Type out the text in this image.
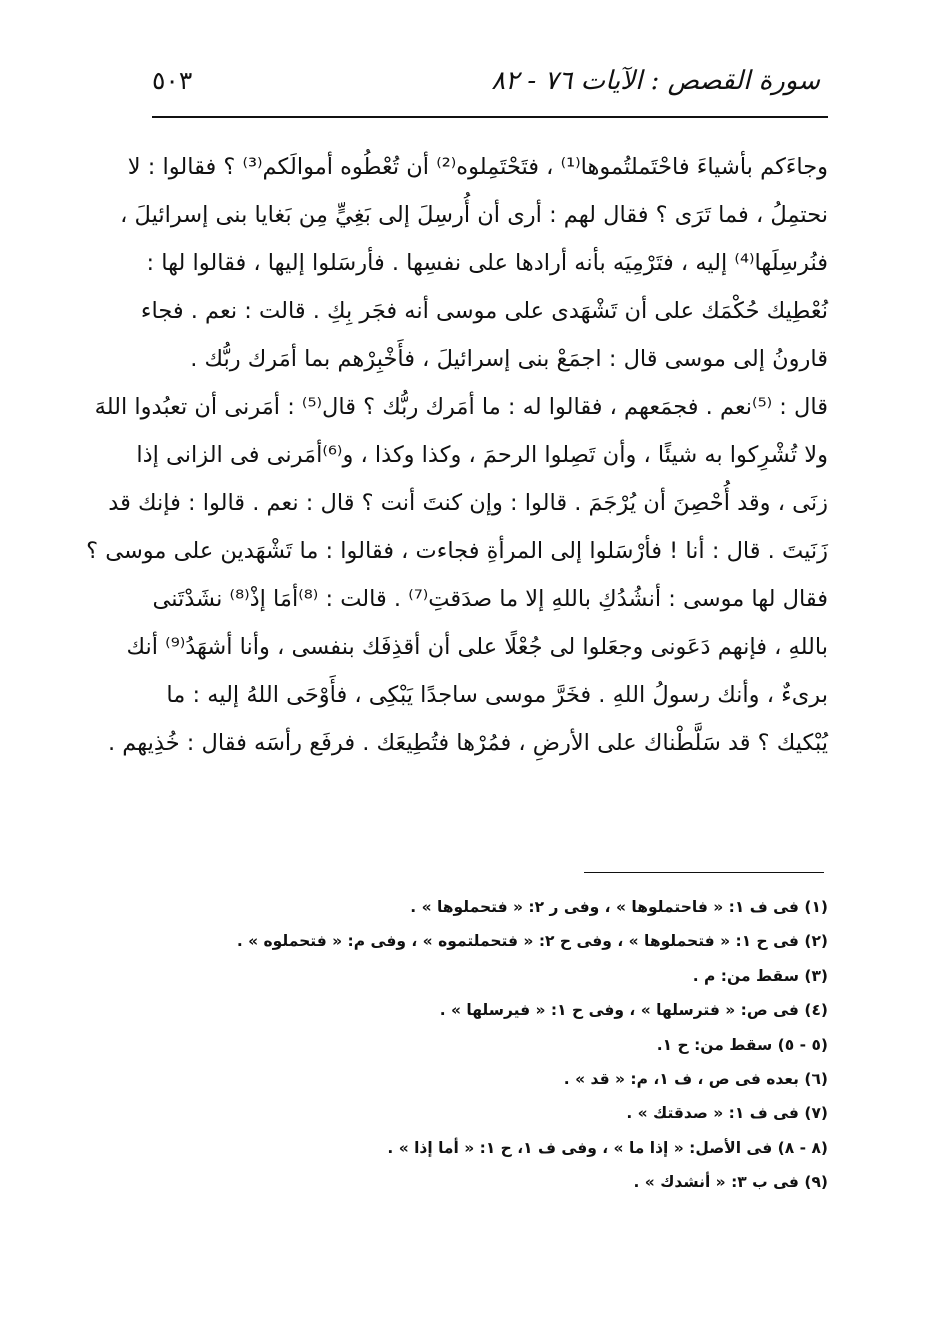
سورة القصص : الآيات ٧٦ - ٨٢
٥٠٣
وجاءَكم بأشياءَ فاحْتَملتُموها⁽¹⁾ ، فتَحْتَمِلوه⁽²⁾ أن تُعْطُوه أموالَكم⁽³⁾ ؟ فقالوا : لا
نحتمِلُ ، فما تَرَى ؟ فقال لهم : أرى أن أُرسِلَ إلى بَغِيٍّ مِن بَغايا بنى إسرائيلَ ،
فنُرسِلَها⁽⁴⁾ إليه ، فتَرْمِيَه بأنه أرادها على نفسِها . فأرسَلوا إليها ، فقالوا لها :
نُعْطِيك حُكْمَك على أن تَشْهَدى على موسى أنه فجَر بِكِ . قالت : نعم . فجاء
قارونُ إلى موسى قال : اجمَعْ بنى إسرائيلَ ، فأَخْبِرْهم بما أمَرك ربُّك .
قال : ⁽⁵⁾نعم . فجمَعهم ، فقالوا له : ما أمَرك ربُّك ؟ قال⁽⁵⁾ : أمَرنى أن تعبُدوا اللهَ
ولا تُشْرِكوا به شيئًا ، وأن تَصِلوا الرحمَ ، وكذا وكذا ، و⁽⁶⁾أمَرنى فى الزانى إذا
زنَى ، وقد أُحْصِنَ أن يُرْجَمَ . قالوا : وإن كنتَ أنت ؟ قال : نعم . قالوا : فإنك قد
زَنَيتَ . قال : أنا ! فأرْسَلوا إلى المرأةِ فجاءت ، فقالوا : ما تَشْهَدين على موسى ؟
فقال لها موسى : أنشُدُكِ باللهِ إلا ما صدَقتِ⁽⁷⁾ . قالت : ⁽⁸⁾أمَا إذْ⁽⁸⁾ نشَدْتَنى
باللهِ ، فإنهم دَعَونى وجعَلوا لى جُعْلًا على أن أقذِفَك بنفسى ، وأنا أشهَدُ⁽⁹⁾ أنك
برىءٌ ، وأنك رسولُ اللهِ . فخَرَّ موسى ساجدًا يَبْكِى ، فأَوْحَى اللهُ إليه : ما
يُبْكيك ؟ قد سَلَّطْناك على الأرضِ ، فمُرْها فتُطِيعَك . فرفَع رأسَه فقال : خُذِيهم .
(١) فى ف ١: « فاحتملوها » ، وفى ر ٢: « فتحملوها » .
(٢) فى ح ١: « فتحملوها » ، وفى ح ٢: « فتحملتموه » ، وفى م: « فتحملوه » .
(٣) سقط من: م .
(٤) فى ص: « فترسلها » ، وفى ح ١: « فيرسلها » .
(٥ - ٥) سقط من: ح ١.
(٦) بعده فى ص ، ف ١، م: « قد » .
(٧) فى ف ١: « صدقتك » .
(٨ - ٨) فى الأصل: « إذا ما » ، وفى ف ١، ح ١: « أما إذا » .
(٩) فى ب ٣: « أنشدك » .
